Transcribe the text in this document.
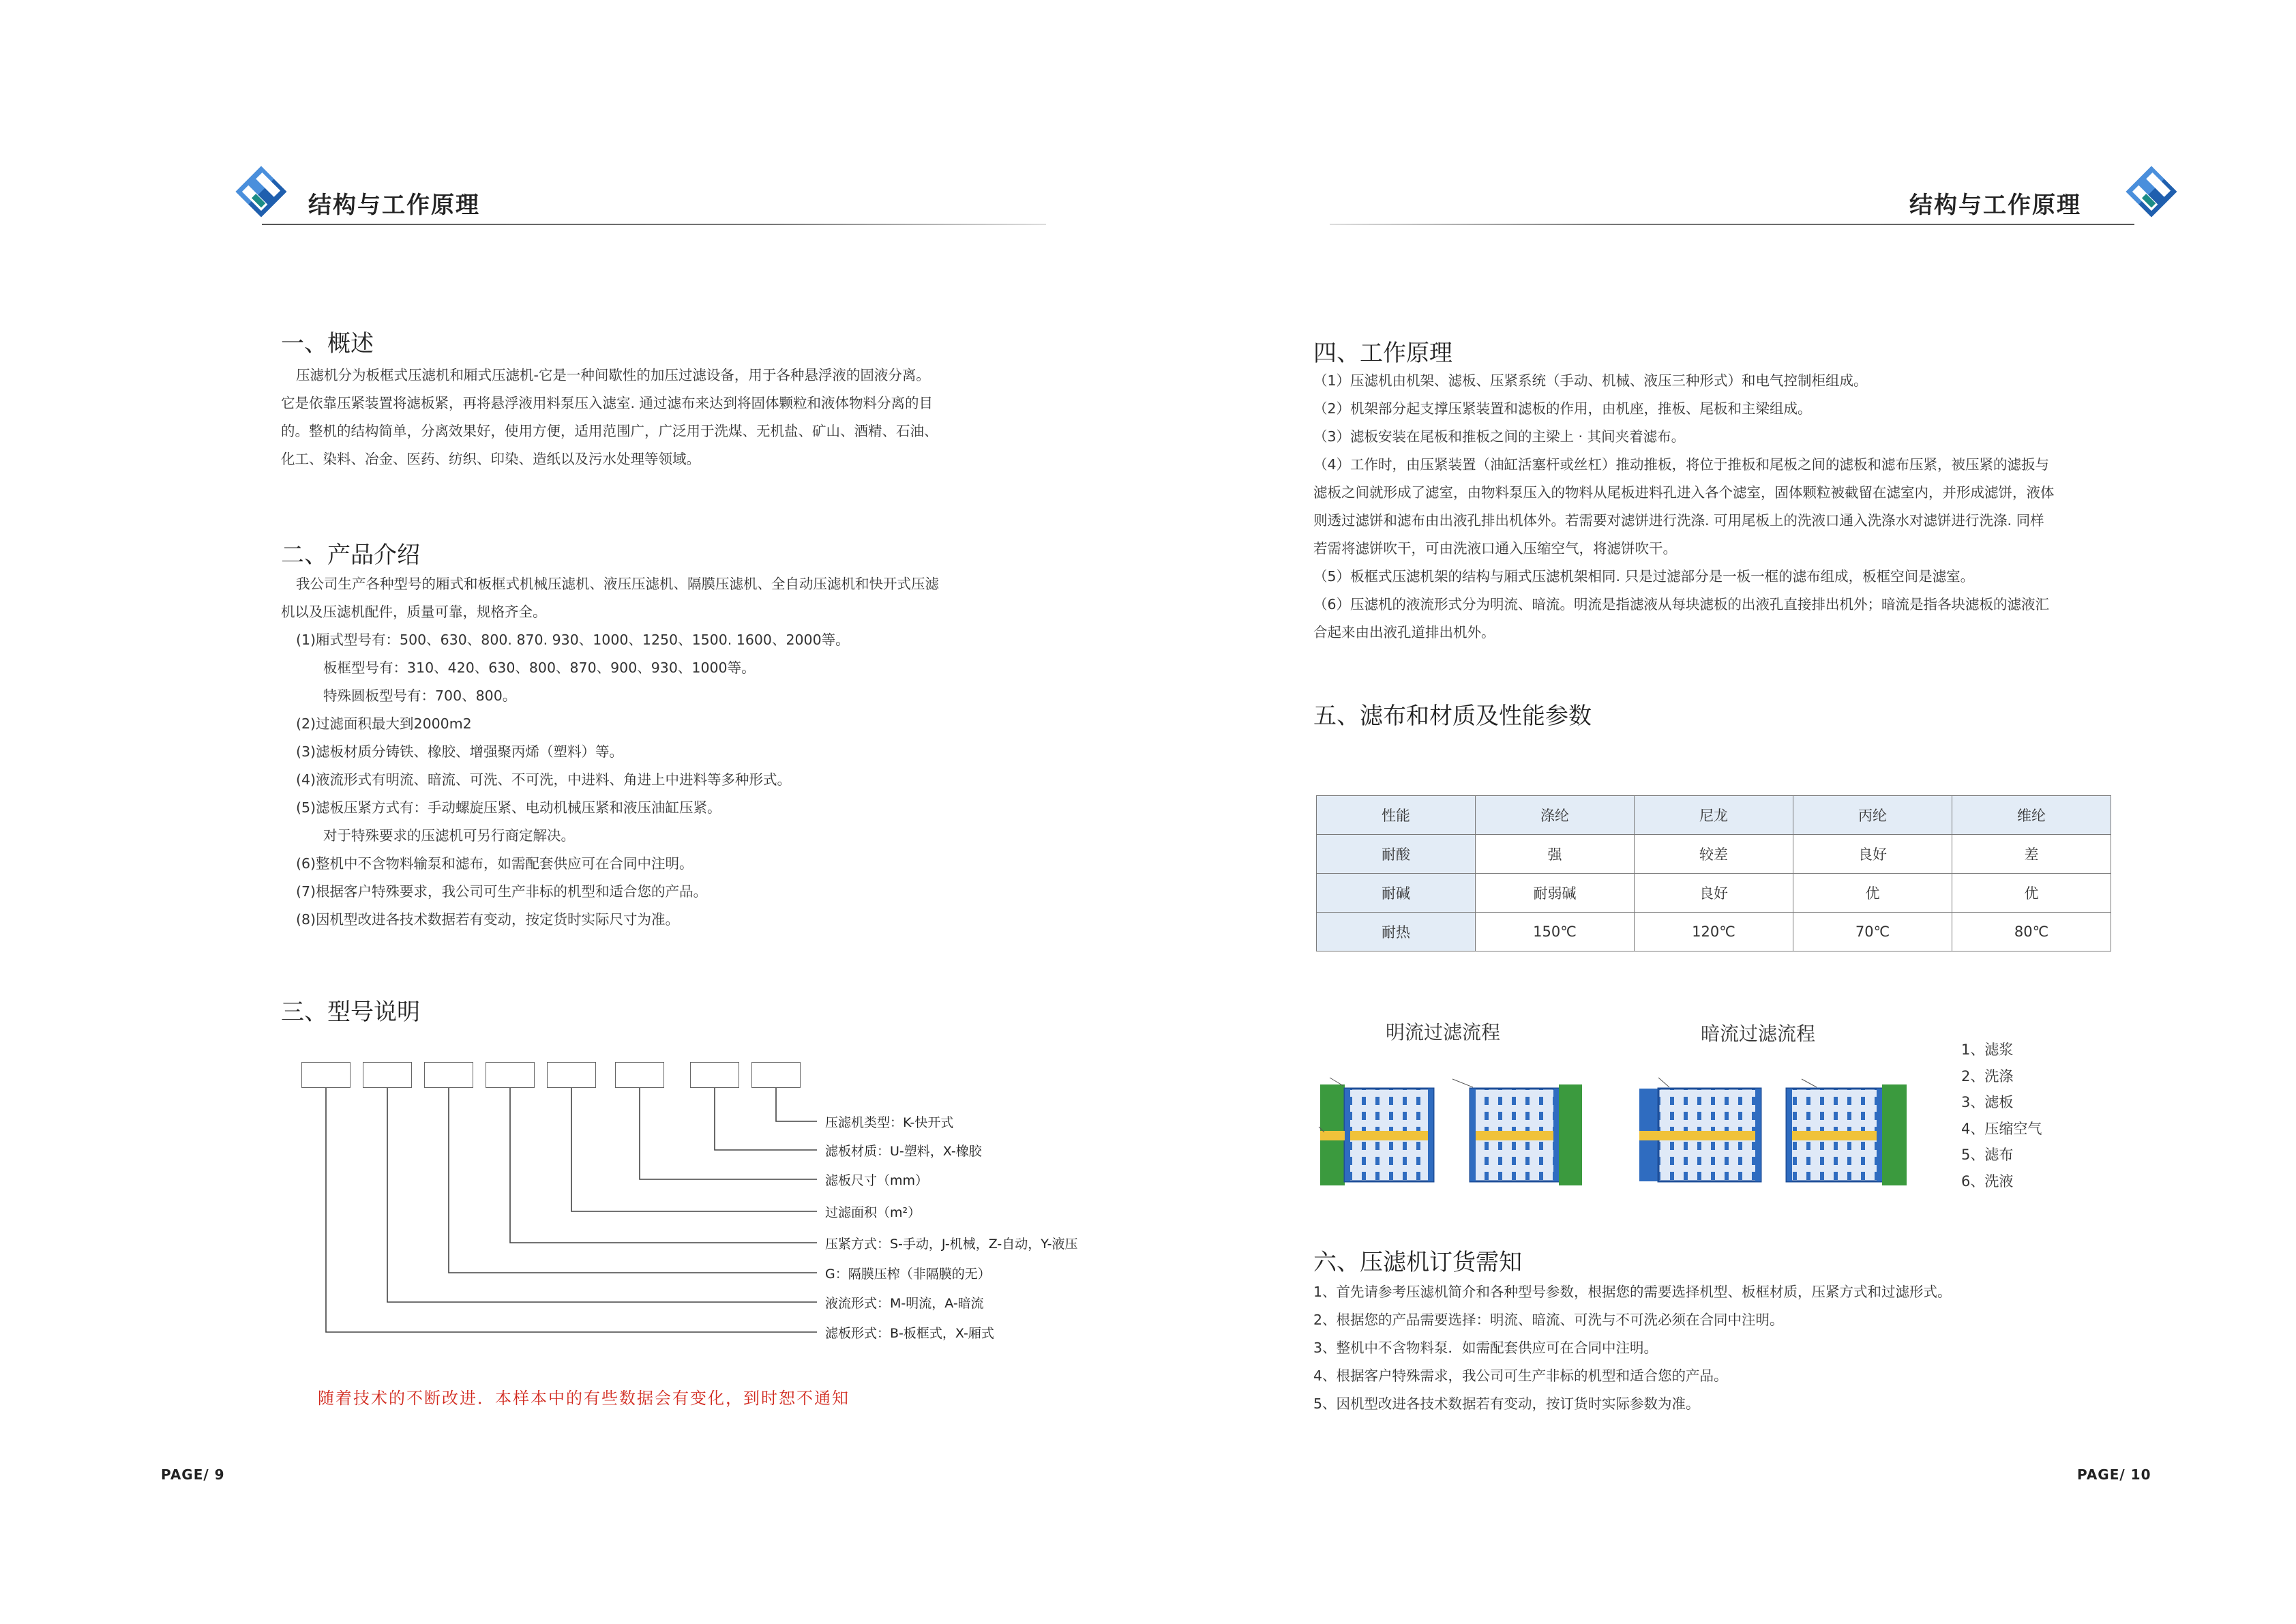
结构与工作原理
一、概述

压滤机分为板框式压滤机和厢式压滤机-它是一种间歇性的加压过滤设备，用于各种悬浮液的固液分离。

它是依靠压紧装置将滤板紧，再将悬浮液用料泵压入滤室. 通过滤布来达到将固体颗粒和液体物料分离的目

的。整机的结构简单，分离效果好，使用方便，适用范围广，广泛用于洗煤、无机盐、矿山、酒精、石油、

化工、染料、冶金、医药、纺织、印染、造纸以及污水处理等领域。

二、产品介绍

我公司生产各种型号的厢式和板框式机械压滤机、液压压滤机、隔膜压滤机、全自动压滤机和快开式压滤

机以及压滤机配件，质量可靠，规格齐全。

(1)厢式型号有：500、630、800. 870. 930、1000、1250、1500. 1600、2000等。

板框型号有：310、420、630、800、870、900、930、1000等。

特殊圆板型号有：700、800。

(2)过滤面积最大到2000m2

(3)滤板材质分铸铁、橡胶、增强聚丙烯（塑料）等。

(4)液流形式有明流、暗流、可洗、不可洗，中进料、角进上中进料等多种形式。

(5)滤板压紧方式有：手动螺旋压紧、电动机械压紧和液压油缸压紧。

对于特殊要求的压滤机可另行商定解决。

(6)整机中不含物料输泵和滤布，如需配套供应可在合同中注明。

(7)根据客户特殊要求，我公司可生产非标的机型和适合您的产品。

(8)因机型改进各技术数据若有变动，按定货时实际尺寸为准。

三、型号说明
压滤机类型：K-快开式
滤板材质：U-塑料，X-橡胶
滤板尺寸（mm）
过滤面积（m²）
压紧方式：S-手动，J-机械，Z-自动，Y-液压
G：隔膜压榨（非隔膜的无）
液流形式：M-明流，A-暗流
滤板形式：B-板框式，X-厢式
随着技术的不断改进．本样本中的有些数据会有变化，到时恕不通知
PAGE/ 9
结构与工作原理
四、工作原理

（1）压滤机由机架、滤板、压紧系统（手动、机械、液压三种形式）和电气控制柜组成。

（2）机架部分起支撑压紧装置和滤板的作用，由机座，推板、尾板和主梁组成。

（3）滤板安装在尾板和推板之间的主梁上 · 其间夹着滤布。

（4）工作时，由压紧装置（油缸活塞杆或丝杠）推动推板，将位于推板和尾板之间的滤板和滤布压紧，被压紧的滤扳与

滤板之间就形成了滤室，由物料泵压入的物料从尾板进料孔进入各个滤室，固体颗粒被截留在滤室内，并形成滤饼，液体

则透过滤饼和滤布由出液孔排出机体外。若需要对滤饼进行洗涤. 可用尾板上的洗液口通入洗涤水对滤饼进行洗涤. 同样

若需将滤饼吹干，可由洗液口通入压缩空气，将滤饼吹干。

（5）板框式压滤机架的结构与厢式压滤机架相同. 只是过滤部分是一板一框的滤布组成，板框空间是滤室。

（6）压滤机的液流形式分为明流、暗流。明流是指滤液从每块滤板的出液孔直接排出机外；暗流是指各块滤板的滤液汇

合起来由出液孔道排出机外。

五、滤布和材质及性能参数
性能	涤纶	尼龙	丙纶	维纶
耐酸	强	较差	良好	差
耐碱	耐弱碱	良好	优	优
耐热	150℃	120℃	70℃	80℃
明流过滤流程	暗流过滤流程
1、滤浆
2、洗涤
3、滤板
4、压缩空气
5、滤布
6、洗液
六、压滤机订货需知

1、首先请参考压滤机简介和各种型号参数，根据您的需要选择机型、板框材质，压紧方式和过滤形式。

2、根据您的产品需要选择：明流、暗流、可洗与不可洗必须在合同中注明。

3、整机中不含物料泵．如需配套供应可在合同中注明。

4、根据客户特殊需求，我公司可生产非标的机型和适合您的产品。

5、因机型改进各技术数据若有变动，按订货时实际参数为准。

PAGE/ 10
